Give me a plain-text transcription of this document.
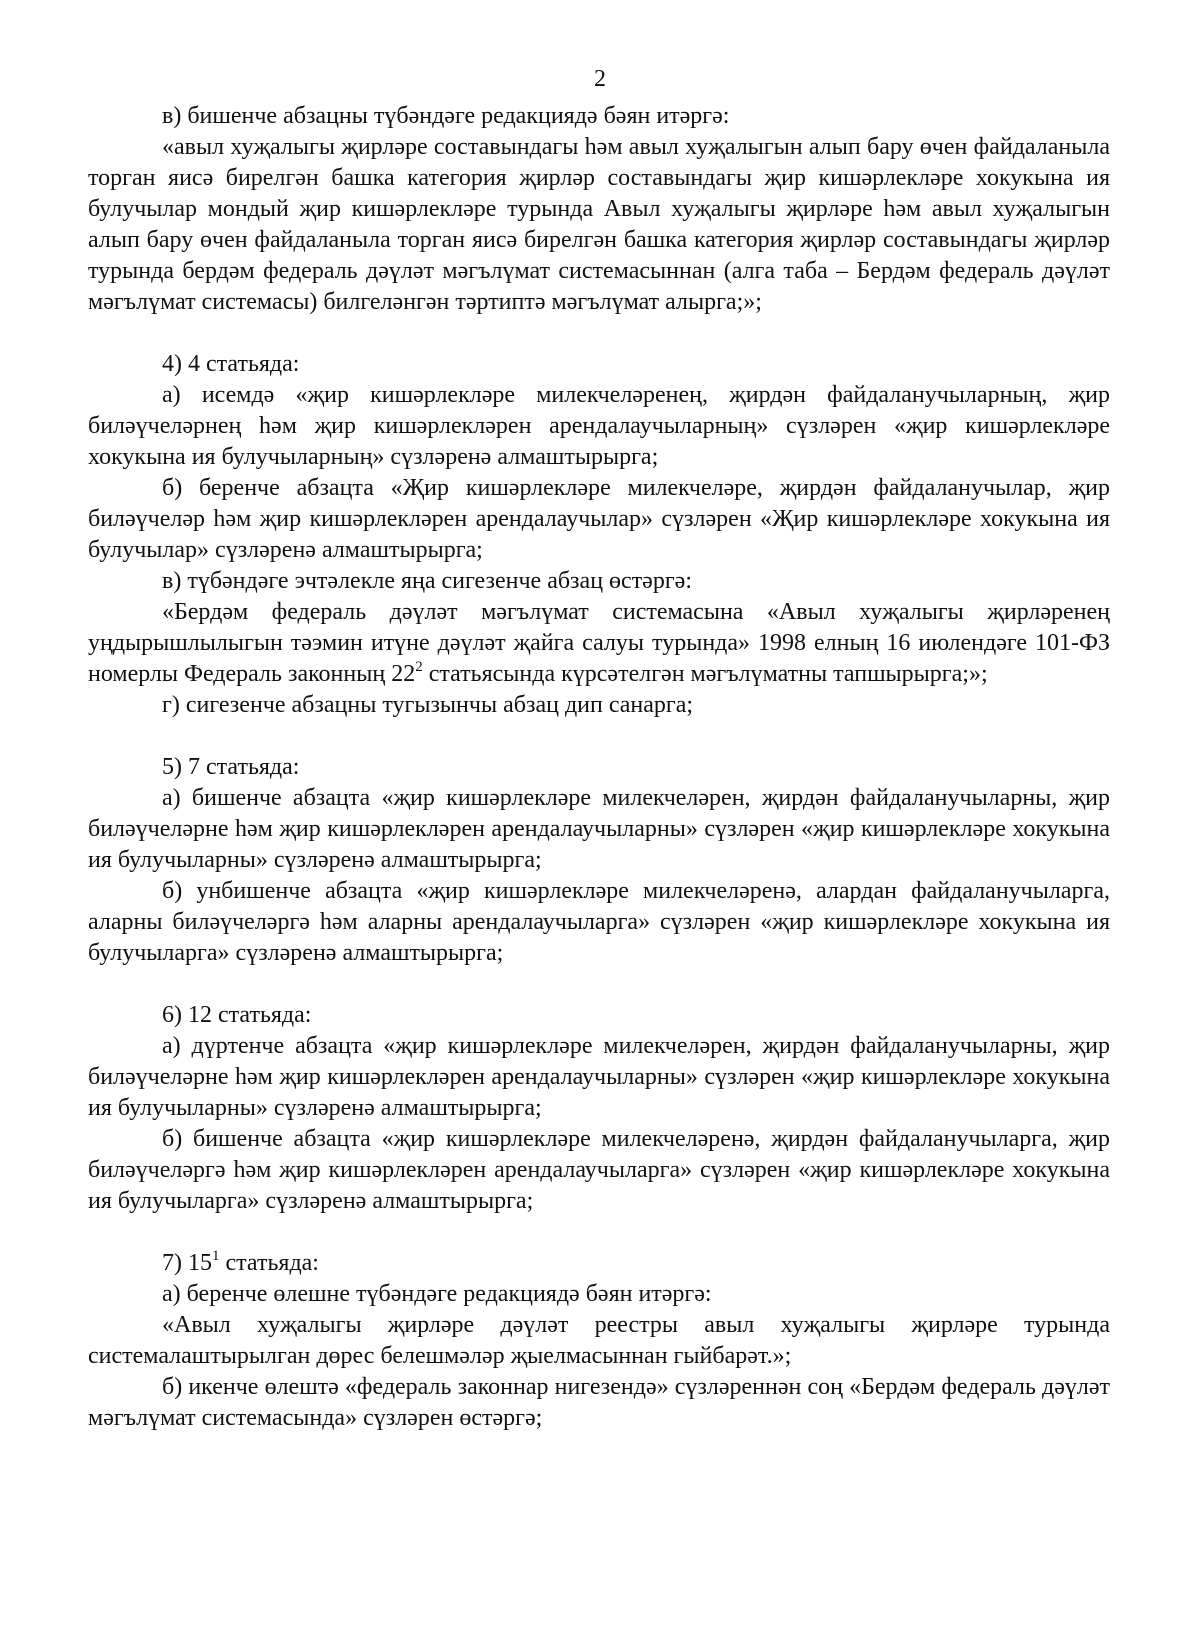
2

в) бишенче абзацны түбәндәге редакциядә бәян итәргә:

«авыл хуҗалыгы җирләре составындагы һәм авыл хуҗалыгын алып бару өчен файдаланыла торган яисә бирелгән башка категория җирләр составындагы җир кишәрлекләре хокукына ия булучылар мондый җир кишәрлекләре турында Авыл хуҗалыгы җирләре һәм авыл хуҗалыгын алып бару өчен файдаланыла торган яисә бирелгән башка категория җирләр составындагы җирләр турында бердәм федераль дәүләт мәгълүмат системасыннан (алга таба – Бердәм федераль дәүләт мәгълүмат системасы) билгеләнгән тәртиптә мәгълүмат алырга;»;

4) 4 статьяда:

а) исемдә «җир кишәрлекләре милекчеләренең, җирдән файдаланучыларның, җир биләүчеләрнең һәм җир кишәрлекләрен арендалаучыларның» сүзләрен «җир кишәрлекләре хокукына ия булучыларның» сүзләренә алмаштырырга;

б) беренче абзацта «Җир кишәрлекләре милекчеләре, җирдән файдаланучылар, җир биләүчеләр һәм җир кишәрлекләрен арендалаучылар» сүзләрен «Җир кишәрлекләре хокукына ия булучылар» сүзләренә алмаштырырга;

в) түбәндәге эчтәлекле яңа сигезенче абзац өстәргә:

«Бердәм федераль дәүләт мәгълүмат системасына «Авыл хуҗалыгы җирләренең уңдырышлылыгын тәэмин итүне дәүләт җайга салуы турында» 1998 елның 16 июлендәге 101-ФЗ номерлы Федераль законның $22^2$ статьясында күрсәтелгән мәгълүматны тапшырырга;»;

г) сигезенче абзацны тугызынчы абзац дип санарга;

5) 7 статьяда:

а) бишенче абзацта «җир кишәрлекләре милекчеләрен, җирдән файдаланучыларны, җир биләүчеләрне һәм җир кишәрлекләрен арендалаучыларны» сүзләрен «җир кишәрлекләре хокукына ия булучыларны» сүзләренә алмаштырырга;

б) унбишенче абзацта «җир кишәрлекләре милекчеләренә, алардан файдаланучыларга, аларны биләүчеләргә һәм аларны арендалаучыларга» сүзләрен «җир кишәрлекләре хокукына ия булучыларга» сүзләренә алмаштырырга;

6) 12 статьяда:

а) дүртенче абзацта «җир кишәрлекләре милекчеләрен, җирдән файдаланучыларны, җир биләүчеләрне һәм җир кишәрлекләрен арендалаучыларны» сүзләрен «җир кишәрлекләре хокукына ия булучыларны» сүзләренә алмаштырырга;

б) бишенче абзацта «җир кишәрлекләре милекчеләренә, җирдән файдаланучыларга, җир биләүчеләргә һәм җир кишәрлекләрен арендалаучыларга» сүзләрен «җир кишәрлекләре хокукына ия булучыларга» сүзләренә алмаштырырга;

7) $15^1$ статьяда:

а) беренче өлешне түбәндәге редакциядә бәян итәргә:

«Авыл хуҗалыгы җирләре дәүләт реестры авыл хуҗалыгы җирләре турында системалаштырылган дөрес белешмәләр җыелмасыннан гыйбарәт.»;

б) икенче өлештә «федераль законнар нигезендә» сүзләреннән соң «Бердәм федераль дәүләт мәгълүмат системасында» сүзләрен өстәргә;
